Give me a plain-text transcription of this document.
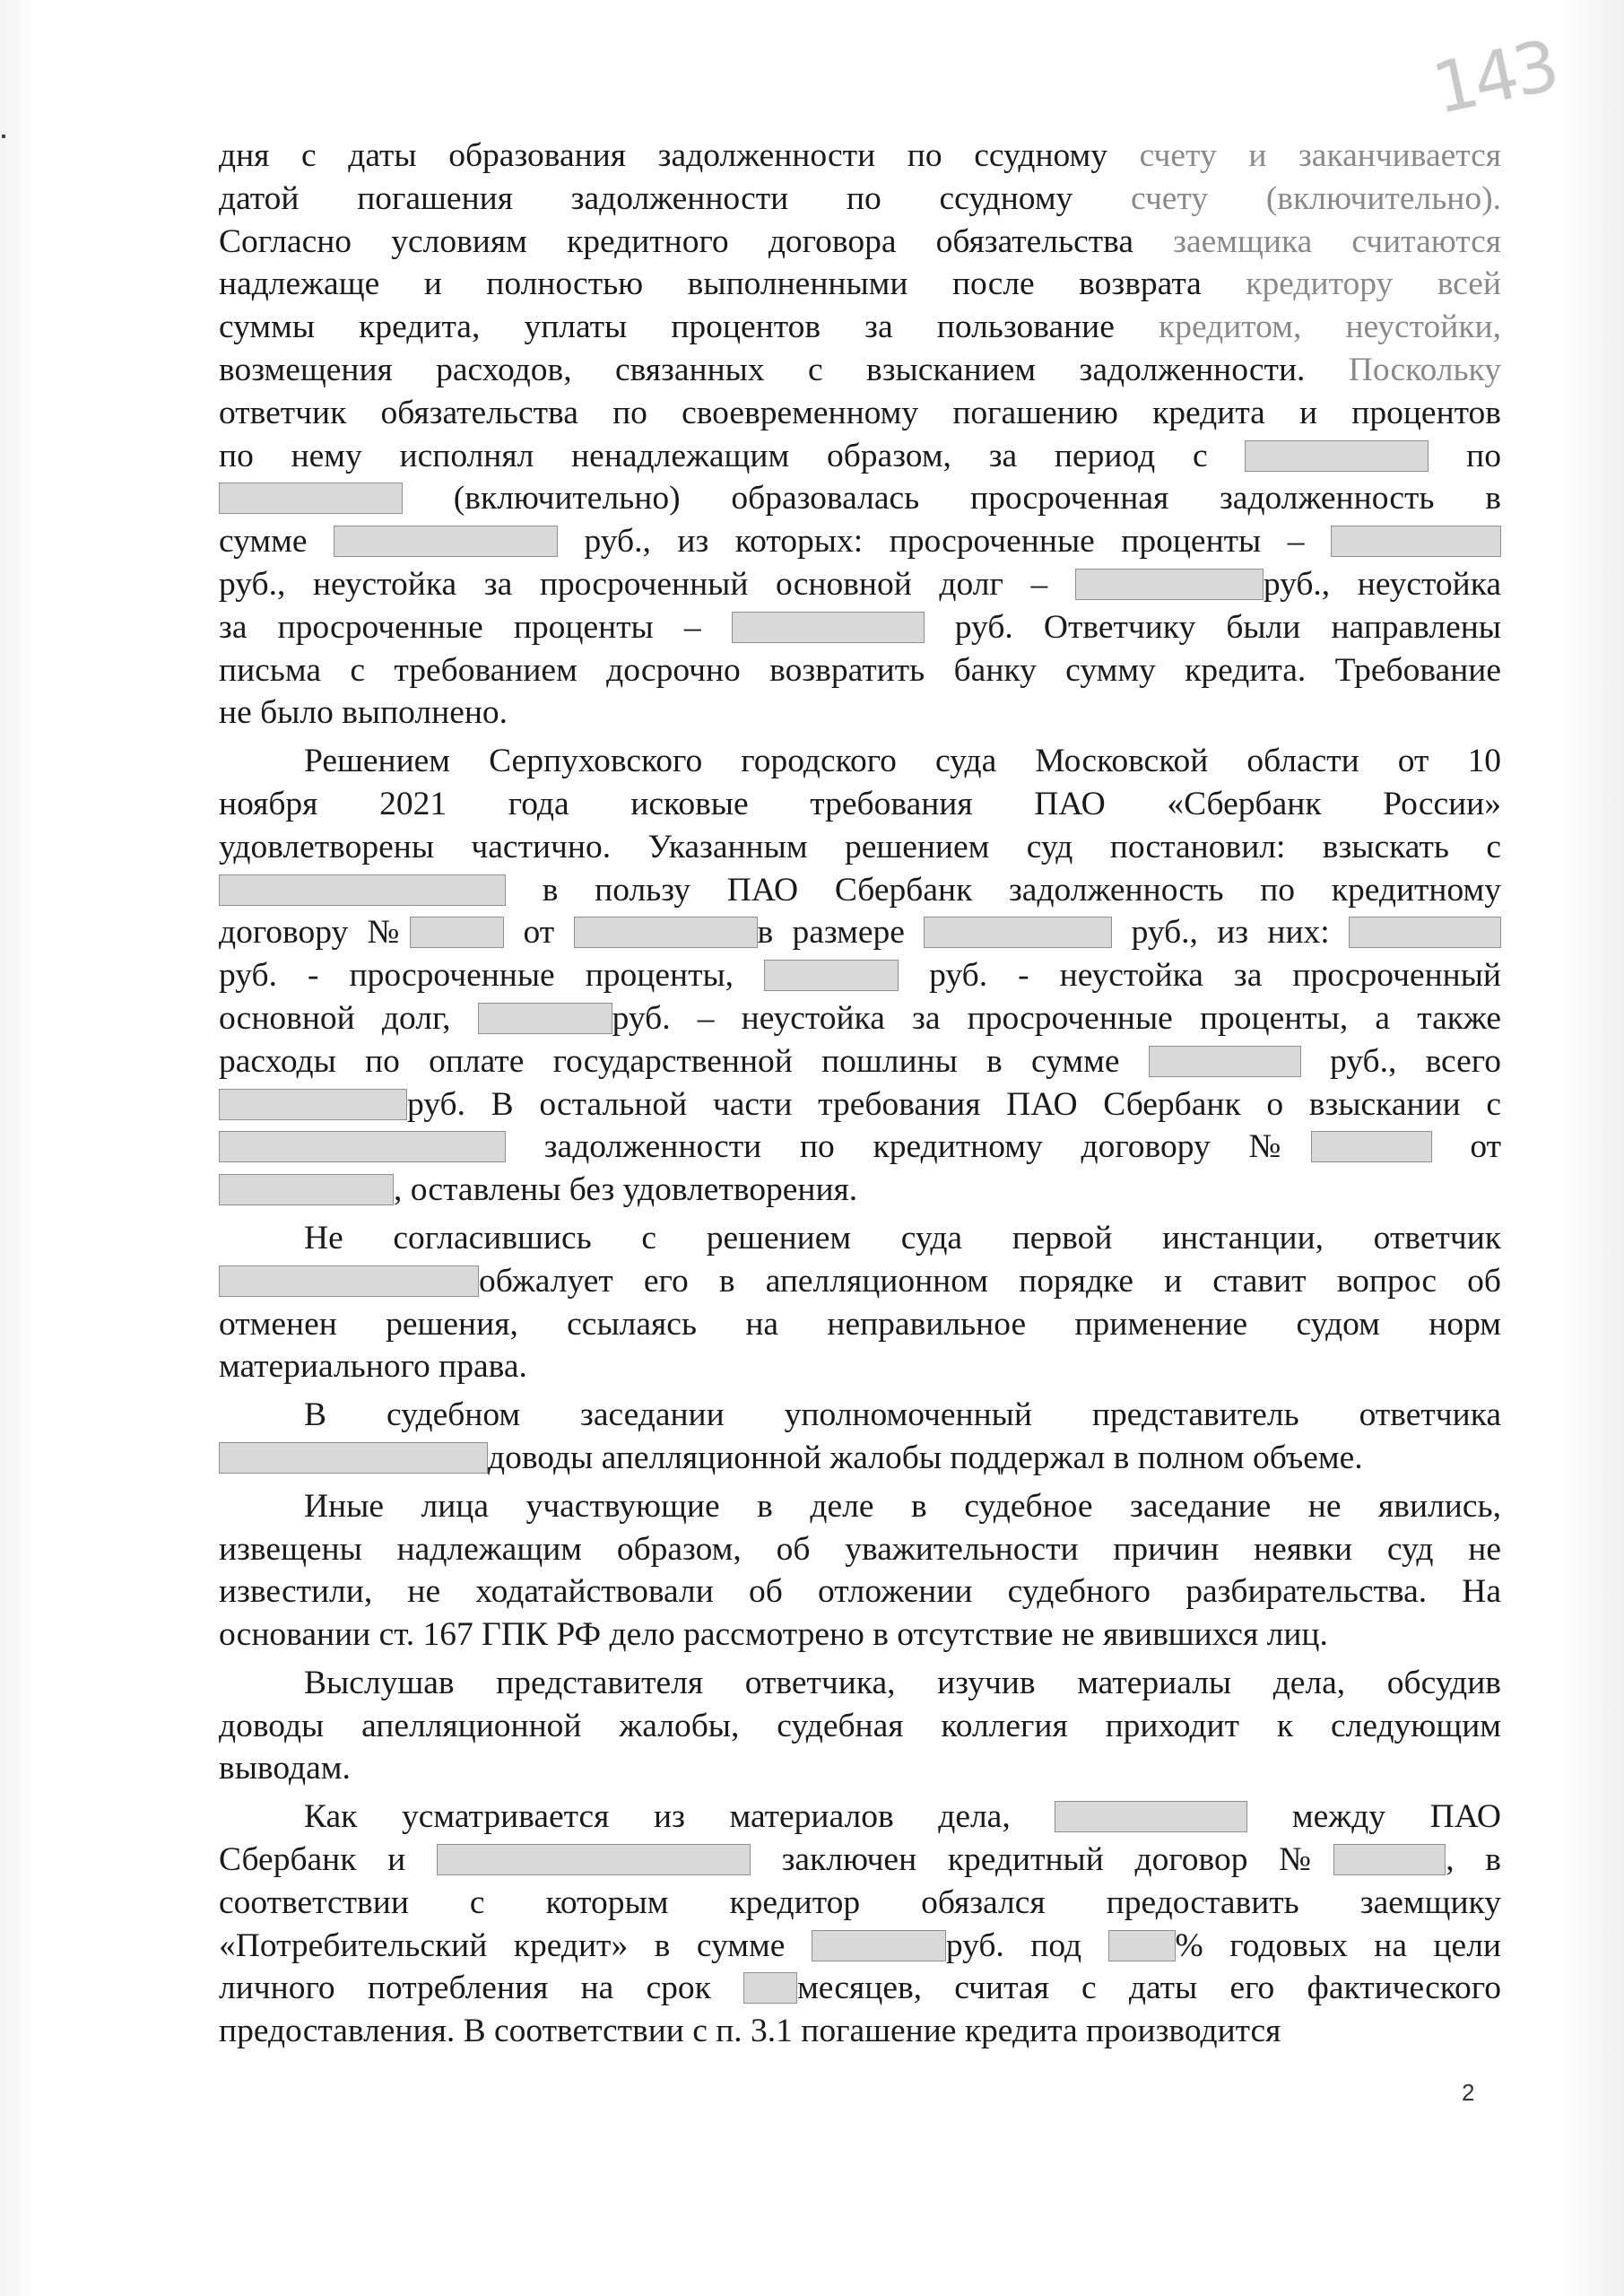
143
дня с даты образования задолженности по ссудному счету и заканчивается
датой погашения задолженности по ссудному счету (включительно).
Согласно условиям кредитного договора обязательства заемщика считаются
надлежаще и полностью выполненными после возврата кредитору всей
суммы кредита, уплаты процентов за пользование кредитом, неустойки,
возмещения расходов, связанных с взысканием задолженности. Поскольку
ответчик обязательства по своевременному погашению кредита и процентов
по нему исполнял ненадлежащим образом, за период с	по
(включительно) образовалась просроченная задолженность в
сумме	руб., из которых: просроченные проценты –
руб., неустойка за просроченный основной долг –	руб., неустойка
за просроченные проценты –	руб. Ответчику были направлены
письма с требованием досрочно возвратить банку сумму кредита. Требование
не было выполнено.
Решением Серпуховского городского суда Московской области от 10
ноября 2021 года исковые требования ПАО «Сбербанк России»
удовлетворены частично. Указанным решением суд постановил: взыскать с
в пользу ПАО Сбербанк задолженность по кредитному
договору №	от	в размере	руб., из них:
руб. - просроченные проценты,	руб. - неустойка за просроченный
основной долг,	руб. – неустойка за просроченные проценты, а также
расходы по оплате государственной пошлины в сумме	руб., всего
руб. В остальной части требования ПАО Сбербанк о взыскании с
задолженности по кредитному договору №	от
, оставлены без удовлетворения.
Не согласившись с решением суда первой инстанции, ответчик
обжалует его в апелляционном порядке и ставит вопрос об
отменен решения, ссылаясь на неправильное применение судом норм
материального права.
В судебном заседании уполномоченный представитель ответчика
доводы апелляционной жалобы поддержал в полном объеме.
Иные лица участвующие в деле в судебное заседание не явились,
извещены надлежащим образом, об уважительности причин неявки суд не
известили, не ходатайствовали об отложении судебного разбирательства. На
основании ст. 167 ГПК РФ дело рассмотрено в отсутствие не явившихся лиц.
Выслушав представителя ответчика, изучив материалы дела, обсудив
доводы апелляционной жалобы, судебная коллегия приходит к следующим
выводам.
Как усматривается из материалов дела,	между ПАО
Сбербанк и	заключен кредитный договор №	, в
соответствии с которым кредитор обязался предоставить заемщику
«Потребительский кредит» в сумме	руб. под % годовых на цели
личного потребления на срок месяцев, считая с даты его фактического
предоставления. В соответствии с п. 3.1 погашение кредита производится
2
